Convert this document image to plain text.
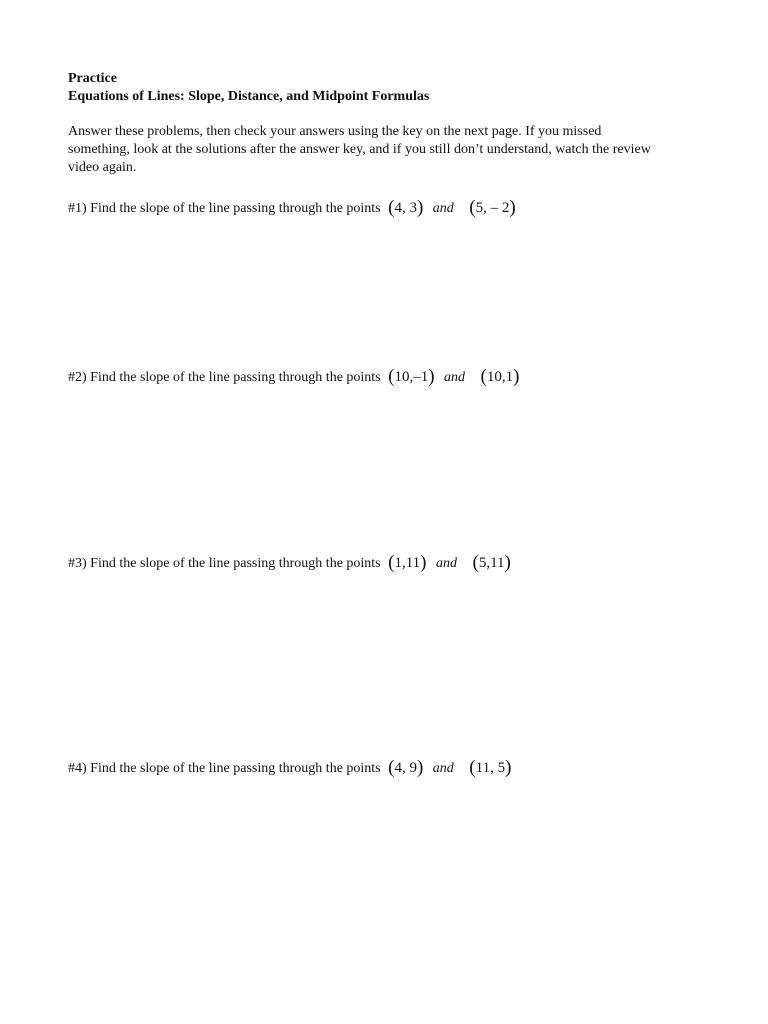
Practice
Equations of Lines: Slope, Distance, and Midpoint Formulas
Answer these problems, then check your answers using the key on the next page. If you missed
something, look at the solutions after the answer key, and if you still don’t understand, watch the review
video again.
#1) Find the slope of the line passing through the points (4, 3) and (5, – 2)
#2) Find the slope of the line passing through the points (10,–1) and (10,1)
#3) Find the slope of the line passing through the points (1,11) and (5,11)
#4) Find the slope of the line passing through the points (4, 9) and (11, 5)
